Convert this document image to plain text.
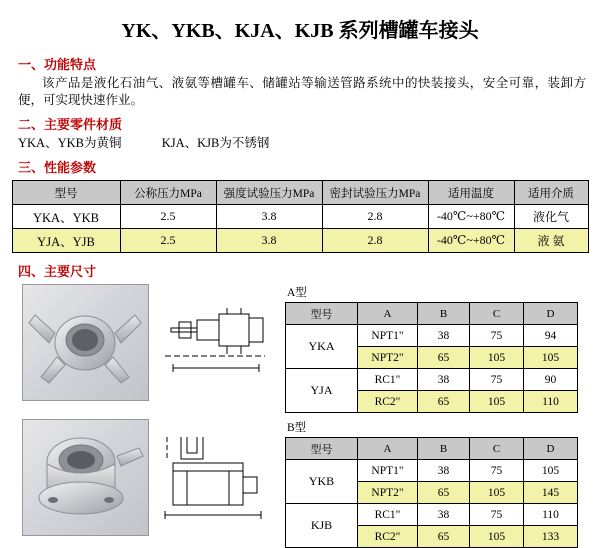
YK、YKB、KJA、KJB 系列槽罐车接头
一、功能特点
该产品是液化石油气、液氨等槽罐车、储罐站等输送管路系统中的快装接头，安全可靠，装卸方便，可实现快速作业。
二、主要零件材质
YKA、YKB为黄铜	KJA、KJB为不锈钢
三、性能参数
型号	公称压力MPa	强度试验压力MPa	密封试验压力MPa	适用温度	适用介质
YKA、YKB	2.5	3.8	2.8	-40℃~+80℃	液化气
YJA、YJB	2.5	3.8	2.8	-40℃~+80℃	液 氨
四、主要尺寸
A型
型号	A	B	C	D
YKA	NPT1"	38	75	94
	NPT2"	65	105	105
YJA	RC1"	38	75	90
	RC2"	65	105	110
B型
型号	A	B	C	D
YKB	NPT1"	38	75	105
	NPT2"	65	105	145
KJB	RC1"	38	75	110
	RC2"	65	105	133
